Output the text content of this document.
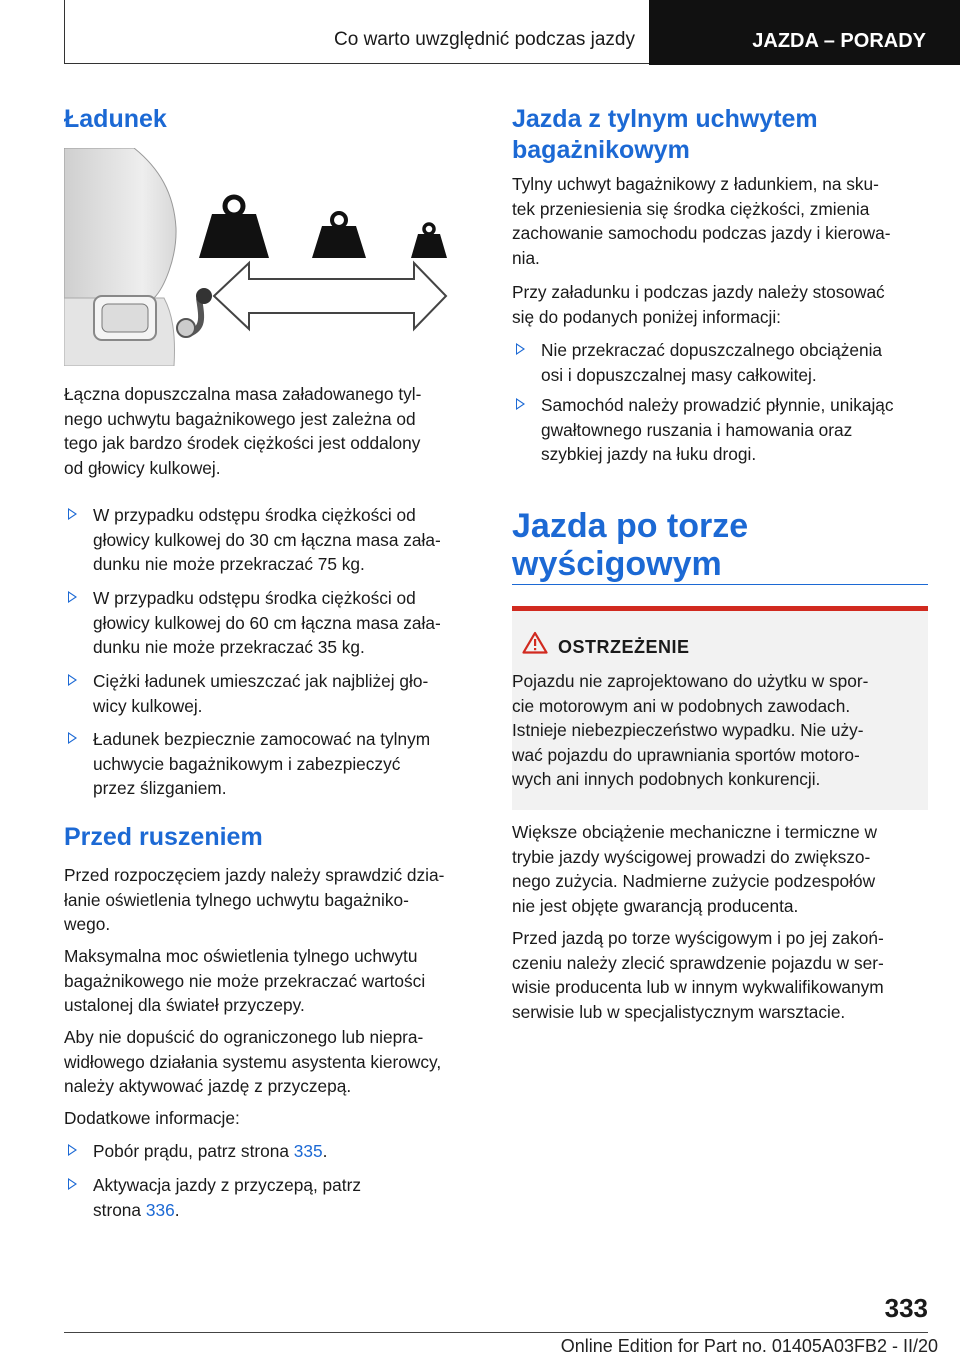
Co warto uwzględnić podczas jazdy	JAZDA – PORADY
Ładunek

Łączna dopuszczalna masa załadowanego tyl-
nego uchwytu bagażnikowego jest zależna od
tego jak bardzo środek ciężkości jest oddalony
od głowicy kulkowej.

W przypadku odstępu środka ciężkości od
głowicy kulkowej do 30 cm łączna masa zała-
dunku nie może przekraczać 75 kg.
W przypadku odstępu środka ciężkości od
głowicy kulkowej do 60 cm łączna masa zała-
dunku nie może przekraczać 35 kg.
Ciężki ładunek umieszczać jak najbliżej gło-
wicy kulkowej.
Ładunek bezpiecznie zamocować na tylnym
uchwycie bagażnikowym i zabezpieczyć
przez ślizganiem.
Przed ruszeniem

Przed rozpoczęciem jazdy należy sprawdzić dzia-
łanie oświetlenia tylnego uchwytu bagażniko-
wego.

Maksymalna moc oświetlenia tylnego uchwytu
bagażnikowego nie może przekraczać wartości
ustalonej dla świateł przyczepy.

Aby nie dopuścić do ograniczonego lub niepra-
widłowego działania systemu asystenta kierowcy,
należy aktywować jazdę z przyczepą.

Dodatkowe informacje:

Pobór prądu, patrz strona 335.
Aktywacja jazdy z przyczepą, patrz
strona 336.
Jazda z tylnym uchwytem
bagażnikowym

Tylny uchwyt bagażnikowy z ładunkiem, na sku-
tek przeniesienia się środka ciężkości, zmienia
zachowanie samochodu podczas jazdy i kierowa-
nia.

Przy załadunku i podczas jazdy należy stosować
się do podanych poniżej informacji:

Nie przekraczać dopuszczalnego obciążenia
osi i dopuszczalnej masy całkowitej.
Samochód należy prowadzić płynnie, unikając
gwałtownego ruszania i hamowania oraz
szybkiej jazdy na łuku drogi.
Jazda po torze
wyścigowym
OSTRZEŻENIE

Pojazdu nie zaprojektowano do użytku w spor-
cie motorowym ani w podobnych zawodach.
Istnieje niebezpieczeństwo wypadku. Nie uży-
wać pojazdu do uprawniania sportów motoro-
wych ani innych podobnych konkurencji.

Większe obciążenie mechaniczne i termiczne w
trybie jazdy wyścigowej prowadzi do zwiększo-
nego zużycia. Nadmierne zużycie podzespołów
nie jest objęte gwarancją producenta.

Przed jazdą po torze wyścigowym i po jej zakoń-
czeniu należy zlecić sprawdzenie pojazdu w ser-
wisie producenta lub w innym wykwalifikowanym
serwisie lub w specjalistycznym warsztacie.

333
Online Edition for Part no. 01405A03FB2 - II/20
